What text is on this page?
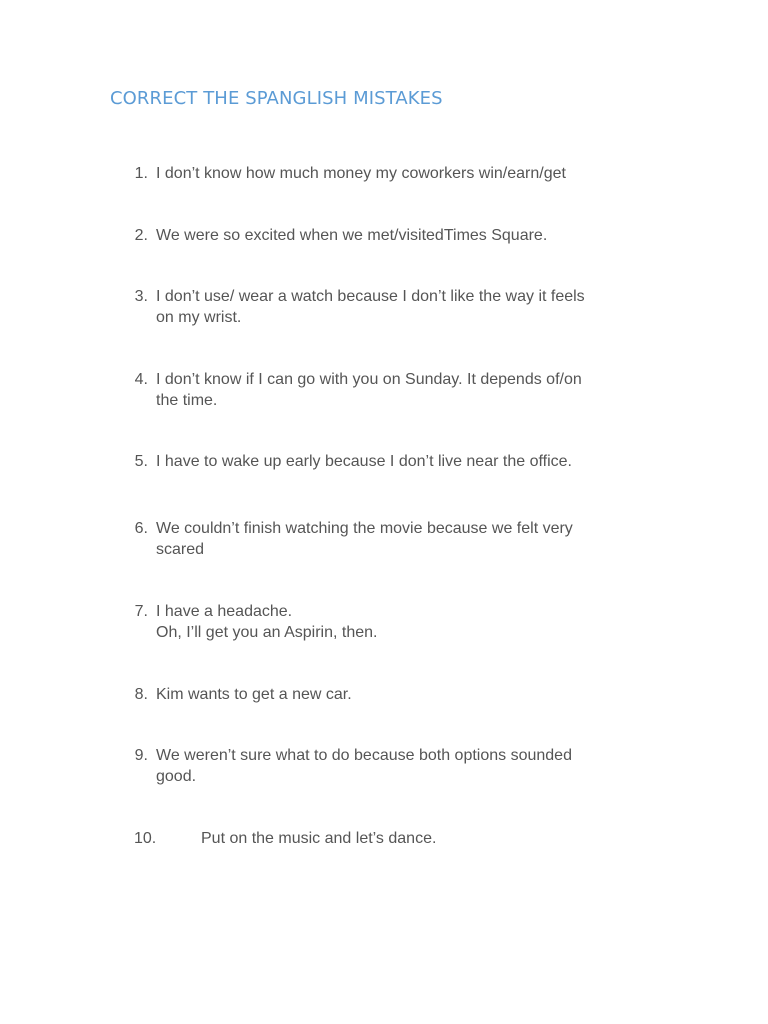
CORRECT THE SPANGLISH MISTAKES
1. I don’t know how much money my coworkers win/earn/get
2. We were so excited when we met/visitedTimes Square.
3. I don’t use/ wear a watch because I don’t like the way it feels
on my wrist.
4. I don’t know if I can go with you on Sunday. It depends of/on
the time.
5. I have to wake up early because I don’t live near the office.
6. We couldn’t finish watching the movie because we felt very
scared
7. I have a headache.
Oh, I’ll get you an Aspirin, then.
8. Kim wants to get a new car.
9. We weren’t sure what to do because both options sounded
good.
10.	Put on the music and let’s dance.
